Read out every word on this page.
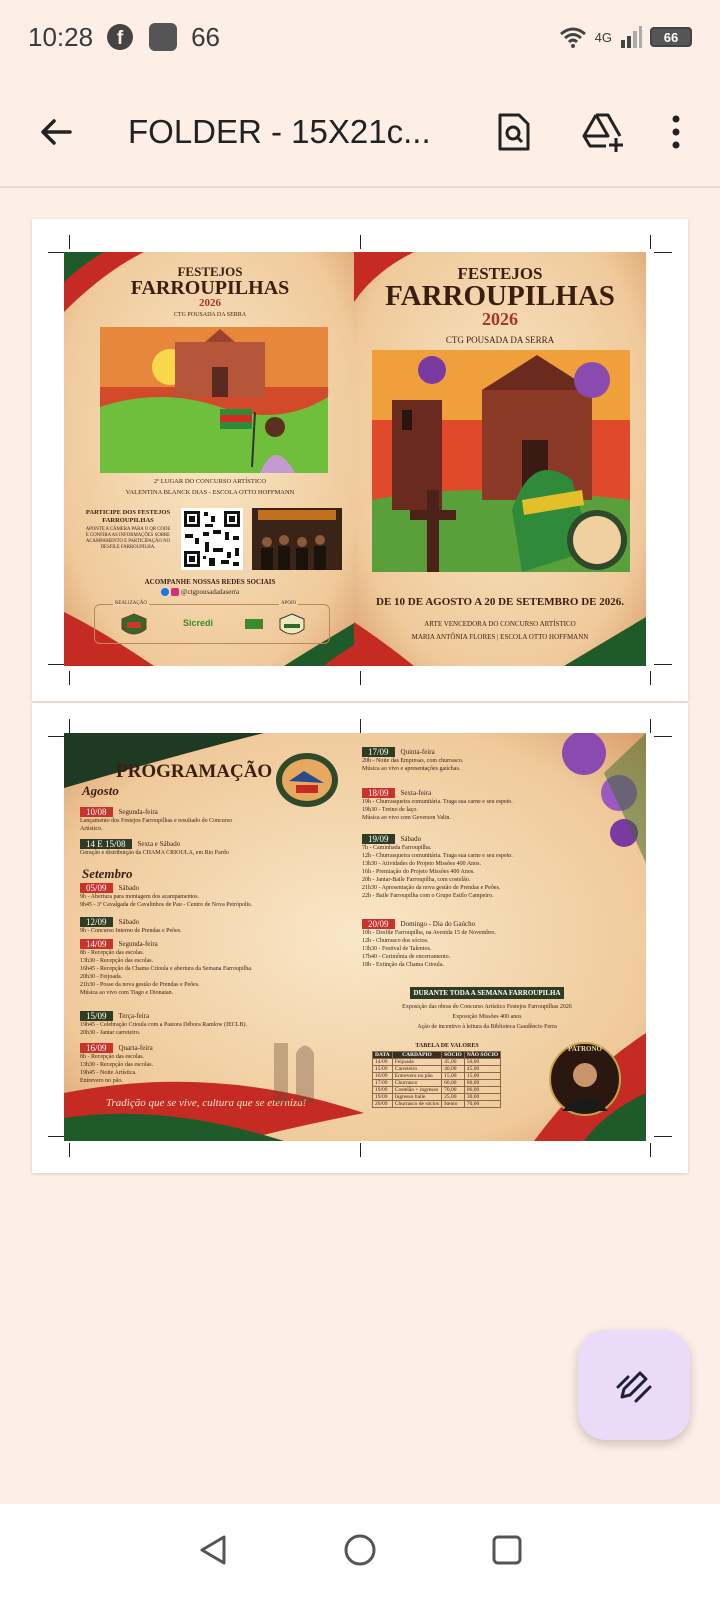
10:28	f	66	4G	66
FOLDER - 15X21c...
FESTEJOS
FARROUPILHAS
2026
CTG POUSADA DA SERRA
2º LUGAR DO CONCURSO ARTÍSTICO
VALENTINA BLANCK DIAS - ESCOLA OTTO HOFFMANN
PARTICIPE DOS FESTEJOS FARROUPILHAS
APONTE A CÂMERA PARA O QR CODE E CONFIRA AS INFORMAÇÕES SOBRE ACAMPAMENTO E PARTICIPAÇÃO NO DESFILE FARROUPILHA.
ACOMPANHE NOSSAS REDES SOCIAIS
@ctgpousadadaserra
REALIZAÇÃO	APOIO
Sicredi
FESTEJOS
FARROUPILHAS
2026
CTG POUSADA DA SERRA
DE 10 DE AGOSTO A 20 DE SETEMBRO DE 2026.
ARTE VENCEDORA DO CONCURSO ARTÍSTICO
MARIA ANTÔNIA FLORES | ESCOLA OTTO HOFFMANN
PROGRAMAÇÃO
Agosto
Setembro
10/08	Segunda-feira
Lançamento dos Festejos Farroupilhas e resultado do Concurso
Artístico.
14 E 15/08	Sexta e Sábado
Geração e distribuição da CHAMA CRIOULA, em Rio Pardo
05/09	Sábado
9h - Abertura para montagem dos acampamentos.
9h45 - 3ª Cavalgada de Cavalinhos de Pau - Centro de Nova Petrópolis.
12/09	Sábado
9h - Concurso Interno de Prendas e Peões.
14/09	Segunda-feira
8h - Recepção das escolas.
13h30 - Recepção das escolas.
16h45 - Recepção da Chama Crioula e abertura da Semana Farroupilha.
20h30 - Feijoada.
21h30 - Posse da nova gestão de Prendas e Peões.
Música ao vivo com Tiago e Dionatan.
15/09	Terça-feira
19h45 - Celebração Crioula com a Pastora Débora Ramlow (IECLB).
20h30 - Jantar carreteiro.
16/09	Quarta-feira
8h - Recepção das escolas.
13h30 - Recepção das escolas.
19h45 - Noite Artística.
Entrevero no pão.
17/09	Quinta-feira
20h - Noite das Empresas, com churrasco.
Música ao vivo e apresentações gaúchas.
18/09	Sexta-feira
19h - Churrasqueira comunitária. Traga sua carne e seu espeto.
19h30 - Treino de laço.
Música ao vivo com Geverson Valin.
19/09	Sábado
7h - Caminhada Farroupilha.
12h - Churrasqueira comunitária. Traga sua carne e seu espeto.
13h30 - Atividades do Projeto Missões 400 Anos.
16h - Premiação do Projeto Missões 400 Anos.
20h - Jantar-Baile Farroupilha, com costelão.
21h30 - Apresentação da nova gestão de Prendas e Peões.
22h - Baile Farroupilha com o Grupo Estilo Campeiro.
20/09	Domingo - Dia do Gaúcho
10h - Desfile Farroupilha, na Avenida 15 de Novembro.
12h - Churrasco dos sócios.
13h30 - Festival de Talentos.
17h40 - Cerimônia de encerramento.
18h - Extinção da Chama Crioula.
DURANTE TODA A SEMANA FARROUPILHA
Exposição das obras do Concurso Artístico Festejos Farroupilhas 2026
Exposição Missões 400 anos
Ação de incentivo à leitura da Biblioteca Gaudêncio Ferra
TABELA DE VALORES
DATA	CARDÁPIO	SÓCIO	NÃO SÓCIO
14/09	Feijoada	45,00	50,00
15/09	Carreteiro	40,00	45,00
16/09	Entrevero no pão	15,00	15,00
17/09	Churrasco	60,00	80,00
19/09	Costelão + ingresso	70,00	80,00
19/09	Ingresso baile	25,00	30,00
20/09	Churrasco de sócios	Isento	70,00
PATRONO
Tradição que se vive, cultura que se eterniza!
